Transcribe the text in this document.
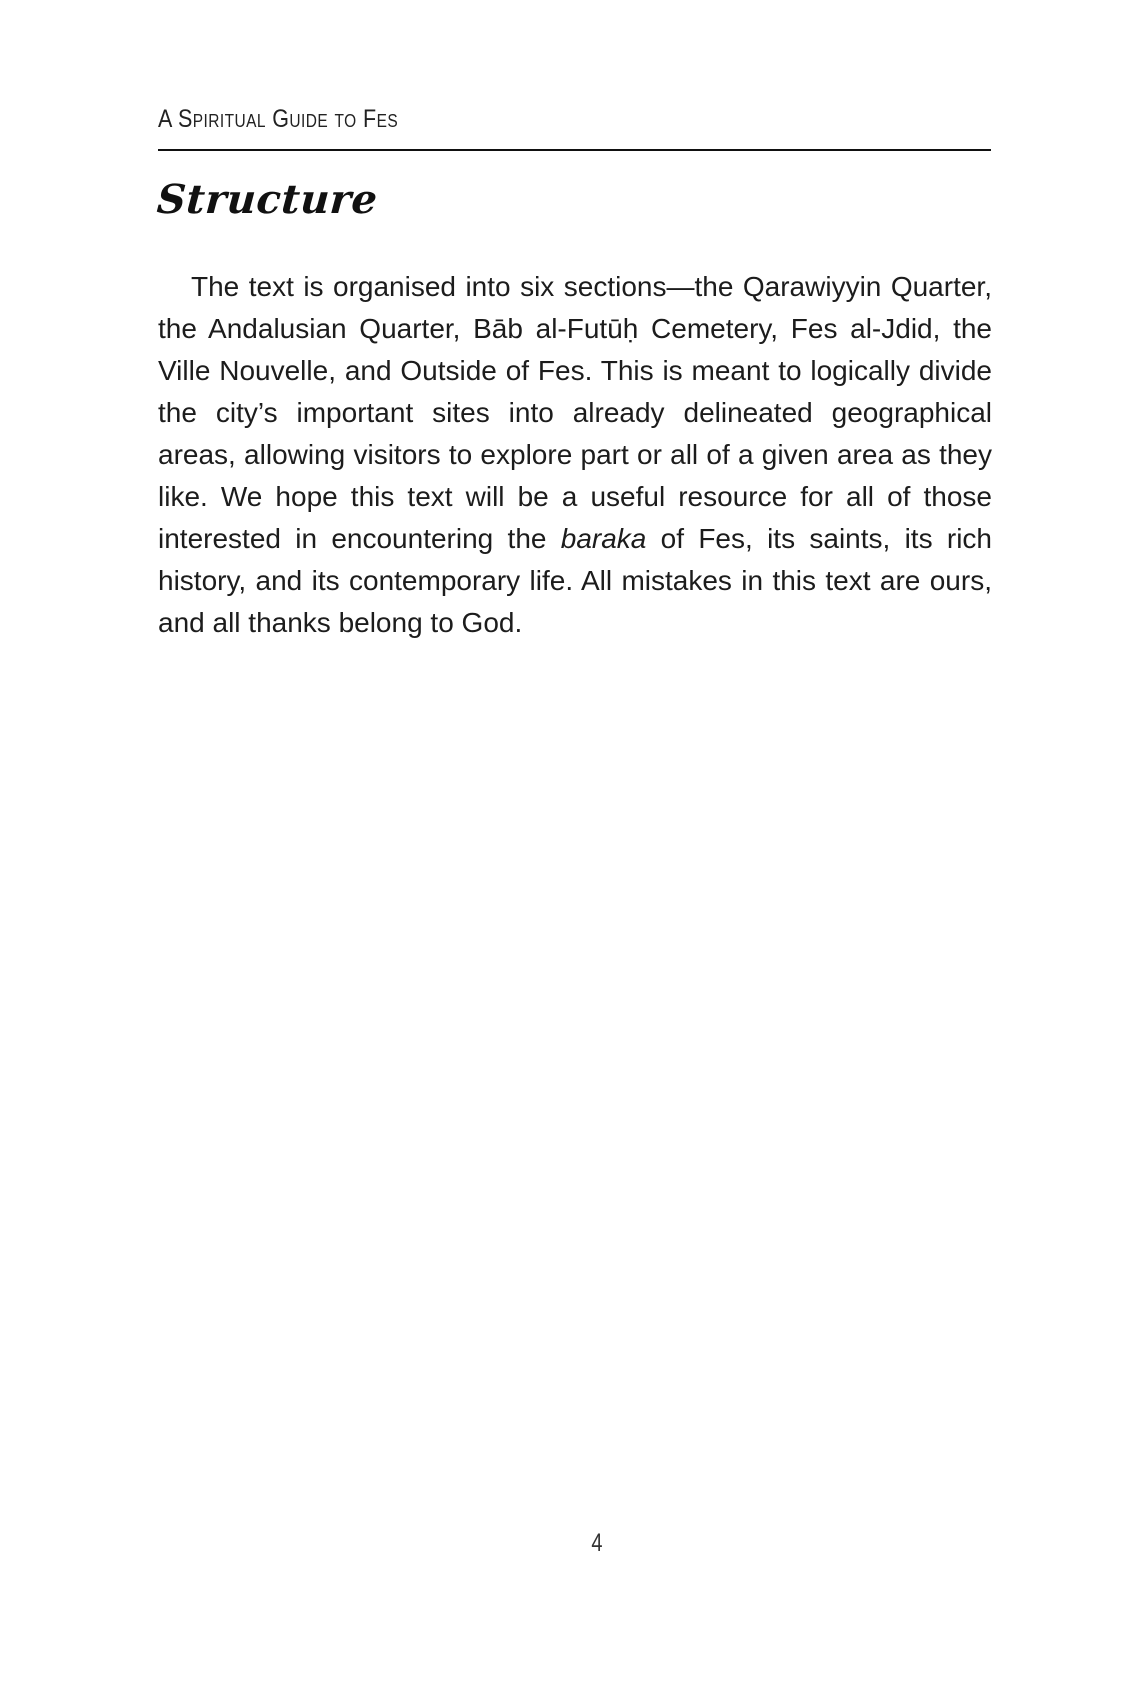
A Spiritual Guide to Fes
Structure

The text is organised into six sections—the Qarawiyyin Quarter, the Andalusian Quarter, Bāb al-Futūḥ Cemetery, Fes al-Jdid, the Ville Nouvelle, and Outside of Fes. This is meant to logically divide the city’s important sites into already delineated geographical areas, allowing visitors to explore part or all of a given area as they like. We hope this text will be a useful resource for all of those interested in encountering the baraka of Fes, its saints, its rich history, and its contemporary life. All mistakes in this text are ours, and all thanks belong to God.

4
